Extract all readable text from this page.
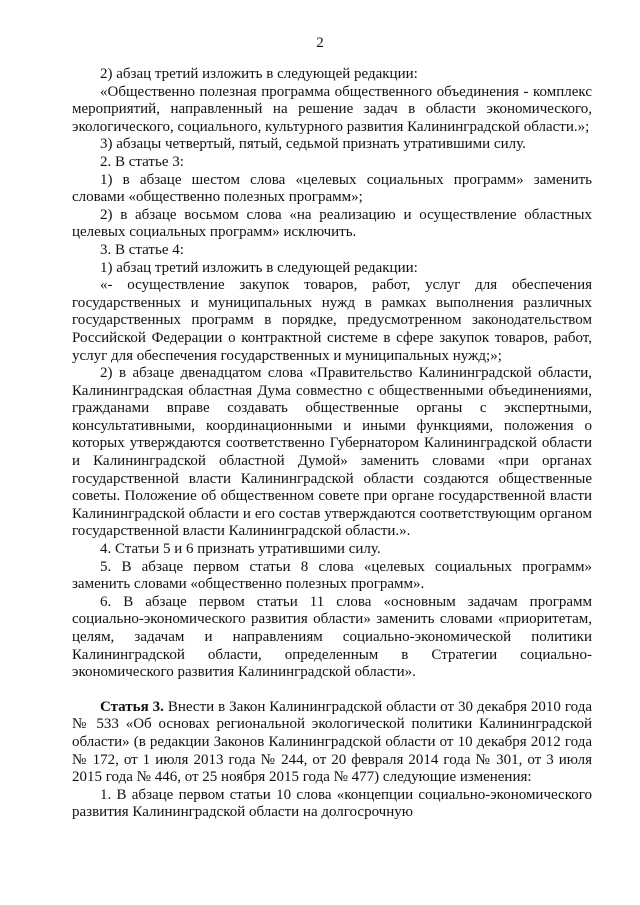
2

2) абзац третий изложить в следующей редакции:

«Общественно полезная программа общественного объединения - комплекс мероприятий, направленный на решение задач в области экономического, экологического, социального, культурного развития Калининградской области.»;

3) абзацы четвертый, пятый, седьмой признать утратившими силу.

2. В статье 3:

1) в абзаце шестом слова «целевых социальных программ» заменить словами «общественно полезных программ»;

2) в абзаце восьмом слова «на реализацию и осуществление областных целевых социальных программ» исключить.

3. В статье 4:

1) абзац третий изложить в следующей редакции:

«- осуществление закупок товаров, работ, услуг для обеспечения государственных и муниципальных нужд в рамках выполнения различных государственных программ в порядке, предусмотренном законодательством Российской Федерации о контрактной системе в сфере закупок товаров, работ, услуг для обеспечения государственных и муниципальных нужд;»;

2) в абзаце двенадцатом слова «Правительство Калининградской области, Калининградская областная Дума совместно с общественными объединениями, гражданами вправе создавать общественные органы с экспертными, консультативными, координационными и иными функциями, положения о которых утверждаются соответственно Губернатором Калининградской области и Калининградской областной Думой» заменить словами «при органах государственной власти Калининградской области создаются общественные советы. Положение об общественном совете при органе государственной власти Калининградской области и его состав утверждаются соответствующим органом государственной власти Калининградской области.».

4. Статьи 5 и 6 признать утратившими силу.

5. В абзаце первом статьи 8 слова «целевых социальных программ» заменить словами «общественно полезных программ».

6. В абзаце первом статьи 11 слова «основным задачам программ социально-экономического развития области» заменить словами «приоритетам, целям, задачам и направлениям социально-экономической политики Калининградской области, определенным в Стратегии социально-экономического развития Калининградской области».

Статья 3. Внести в Закон Калининградской области от 30 декабря 2010 года № 533 «Об основах региональной экологической политики Калининградской области» (в редакции Законов Калининградской области от 10 декабря 2012 года № 172, от 1 июля 2013 года № 244, от 20 февраля 2014 года № 301, от 3 июля 2015 года № 446, от 25 ноября 2015 года № 477) следующие изменения:

1. В абзаце первом статьи 10 слова «концепции социально-экономического развития Калининградской области на долгосрочную
